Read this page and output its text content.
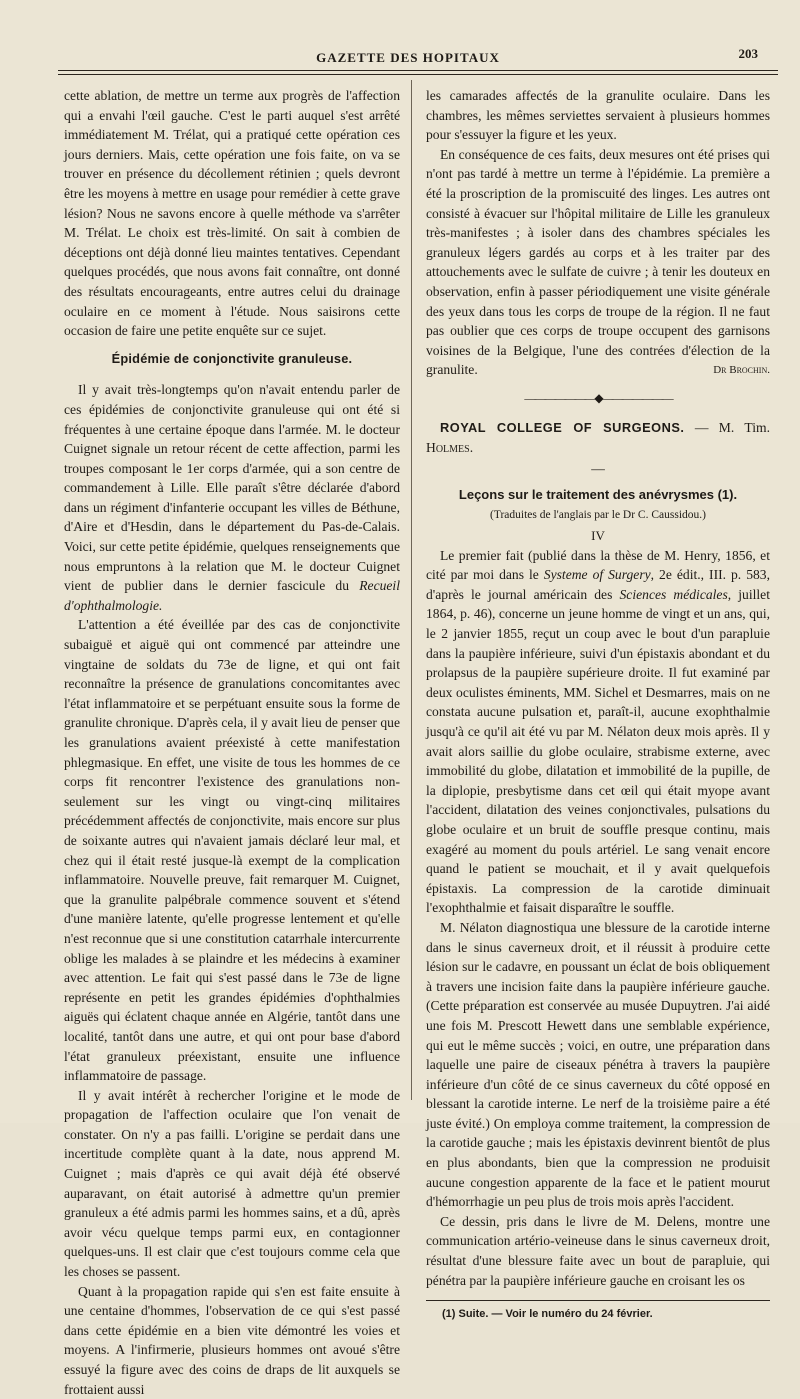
GAZETTE DES HOPITAUX	203

cette ablation, de mettre un terme aux progrès de l'affection qui a envahi l'œil gauche. C'est le parti auquel s'est arrêté immédiatement M. Trélat, qui a pratiqué cette opération ces jours derniers. Mais, cette opération une fois faite, on va se trouver en présence du décollement rétinien ; quels devront être les moyens à mettre en usage pour remédier à cette grave lésion? Nous ne savons encore à quelle méthode va s'arrêter M. Trélat. Le choix est très-limité. On sait à combien de déceptions ont déjà donné lieu maintes tentatives. Cependant quelques procédés, que nous avons fait connaître, ont donné des résultats encourageants, entre autres celui du drainage oculaire en ce moment à l'étude. Nous saisirons cette occasion de faire une petite enquête sur ce sujet.

Épidémie de conjonctivite granuleuse.

Il y avait très-longtemps qu'on n'avait entendu parler de ces épidémies de conjonctivite granuleuse qui ont été si fréquentes à une certaine époque dans l'armée. M. le docteur Cuignet signale un retour récent de cette affection, parmi les troupes composant le 1er corps d'armée, qui a son centre de commandement à Lille. Elle paraît s'être déclarée d'abord dans un régiment d'infanterie occupant les villes de Béthune, d'Aire et d'Hesdin, dans le département du Pas-de-Calais. Voici, sur cette petite épidémie, quelques renseignements que nous empruntons à la relation que M. le docteur Cuignet vient de publier dans le dernier fascicule du Recueil d'ophthalmologie.

L'attention a été éveillée par des cas de conjonctivite subaiguë et aiguë qui ont commencé par atteindre une vingtaine de soldats du 73e de ligne, et qui ont fait reconnaître la présence de granulations concomitantes avec l'état inflammatoire et se perpétuant ensuite sous la forme de granulite chronique. D'après cela, il y avait lieu de penser que les granulations avaient préexisté à cette manifestation phlegmasique. En effet, une visite de tous les hommes de ce corps fit rencontrer l'existence des granulations non-seulement sur les vingt ou vingt-cinq militaires précédemment affectés de conjonctivite, mais encore sur plus de soixante autres qui n'avaient jamais déclaré leur mal, et chez qui il était resté jusque-là exempt de la complication inflammatoire. Nouvelle preuve, fait remarquer M. Cuignet, que la granulite palpébrale commence souvent et s'étend d'une manière latente, qu'elle progresse lentement et qu'elle n'est reconnue que si une constitution catarrhale intercurrente oblige les malades à se plaindre et les médecins à examiner avec attention. Le fait qui s'est passé dans le 73e de ligne représente en petit les grandes épidémies d'ophthalmies aiguës qui éclatent chaque année en Algérie, tantôt dans une localité, tantôt dans une autre, et qui ont pour base d'abord l'état granuleux préexistant, ensuite une influence inflammatoire de passage.

Il y avait intérêt à rechercher l'origine et le mode de propagation de l'affection oculaire que l'on venait de constater. On n'y a pas failli. L'origine se perdait dans une incertitude complète quant à la date, nous apprend M. Cuignet ; mais d'après ce qui avait déjà été observé auparavant, on était autorisé à admettre qu'un premier granuleux a été admis parmi les hommes sains, et a dû, après avoir vécu quelque temps parmi eux, en contagionner quelques-uns. Il est clair que c'est toujours comme cela que les choses se passent.

Quant à la propagation rapide qui s'en est faite ensuite à une centaine d'hommes, l'observation de ce qui s'est passé dans cette épidémie en a bien vite démontré les voies et moyens. A l'infirmerie, plusieurs hommes ont avoué s'être essuyé la figure avec des coins de draps de lit auxquels se frottaient aussi

les camarades affectés de la granulite oculaire. Dans les chambres, les mêmes serviettes servaient à plusieurs hommes pour s'essuyer la figure et les yeux.

En conséquence de ces faits, deux mesures ont été prises qui n'ont pas tardé à mettre un terme à l'épidémie. La première a été la proscription de la promiscuité des linges. Les autres ont consisté à évacuer sur l'hôpital militaire de Lille les granuleux très-manifestes ; à isoler dans des chambres spéciales les granuleux légers gardés au corps et à les traiter par des attouchements avec le sulfate de cuivre ; à tenir les douteux en observation, enfin à passer périodiquement une visite générale des yeux dans tous les corps de troupe de la région. Il ne faut pas oublier que ces corps de troupe occupent des garnisons voisines de la Belgique, l'une des contrées d'élection de la granulite.	Dr Brochin.
———————◆———————

ROYAL COLLEGE OF SURGEONS. — M. Tim. Holmes.

—
Leçons sur le traitement des anévrysmes (1).
(Traduites de l'anglais par le Dr C. Caussidou.)
IV

Le premier fait (publié dans la thèse de M. Henry, 1856, et cité par moi dans le Systeme of Surgery, 2e édit., III. p. 583, d'après le journal américain des Sciences médicales, juillet 1864, p. 46), concerne un jeune homme de vingt et un ans, qui, le 2 janvier 1855, reçut un coup avec le bout d'un parapluie dans la paupière inférieure, suivi d'un épistaxis abondant et du prolapsus de la paupière supérieure droite. Il fut examiné par deux oculistes éminents, MM. Sichel et Desmarres, mais on ne constata aucune pulsation et, paraît-il, aucune exophthalmie jusqu'à ce qu'il ait été vu par M. Nélaton deux mois après. Il y avait alors saillie du globe oculaire, strabisme externe, avec immobilité du globe, dilatation et immobilité de la pupille, de la diplopie, presbytisme dans cet œil qui était myope avant l'accident, dilatation des veines conjonctivales, pulsations du globe oculaire et un bruit de souffle presque continu, mais exagéré au moment du pouls artériel. Le sang venait encore quand le patient se mouchait, et il y avait quelquefois épistaxis. La compression de la carotide diminuait l'exophthalmie et faisait disparaître le souffle.

M. Nélaton diagnostiqua une blessure de la carotide interne dans le sinus caverneux droit, et il réussit à produire cette lésion sur le cadavre, en poussant un éclat de bois obliquement à travers une incision faite dans la paupière inférieure gauche. (Cette préparation est conservée au musée Dupuytren. J'ai aidé une fois M. Prescott Hewett dans une semblable expérience, qui eut le même succès ; voici, en outre, une préparation dans laquelle une paire de ciseaux pénétra à travers la paupière inférieure d'un côté de ce sinus caverneux du côté opposé en blessant la carotide interne. Le nerf de la troisième paire a été juste évité.) On employa comme traitement, la compression de la carotide gauche ; mais les épistaxis devinrent bientôt de plus en plus abondants, bien que la compression ne produisit aucune congestion apparente de la face et le patient mourut d'hémorrhagie un peu plus de trois mois après l'accident.

Ce dessin, pris dans le livre de M. Delens, montre une communication artério-veineuse dans le sinus caverneux droit, résultat d'une blessure faite avec un bout de parapluie, qui pénétra par la paupière inférieure gauche en croisant les os

(1) Suite. — Voir le numéro du 24 février.
